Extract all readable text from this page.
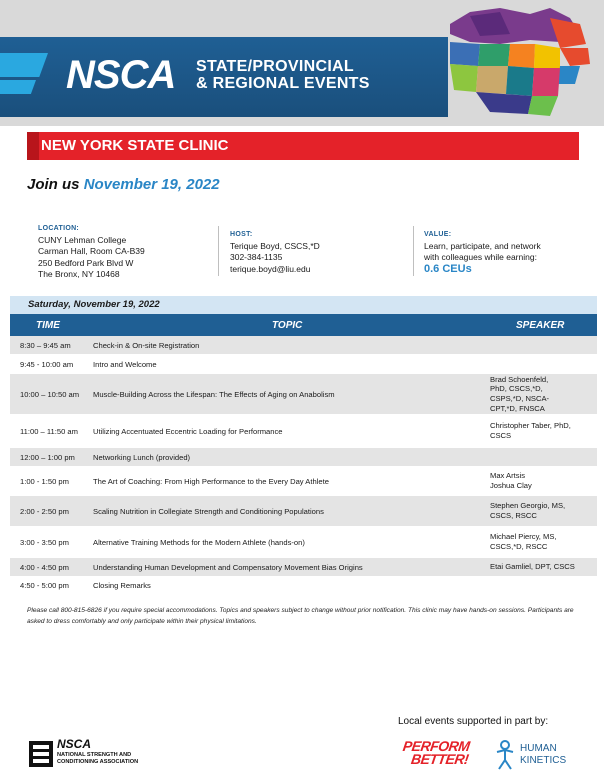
NSCA STATE/PROVINCIAL
& REGIONAL EVENTS
NEW YORK STATE CLINIC
Join us November 19, 2022
LOCATION:
CUNY Lehman College
Carman Hall, Room CA-B39
250 Bedford Park Blvd W
The Bronx, NY 10468
HOST:
Terique Boyd, CSCS,*D
302-384-1135
terique.boyd@liu.edu
VALUE:
Learn, participate, and network
with colleagues while earning:
0.6 CEUs
Saturday, November 19, 2022
TIME	TOPIC	SPEAKER
8:30 – 9:45 am	Check-in & On-site Registration	
9:45 - 10:00 am	Intro and Welcome	
10:00 – 10:50 am	Muscle-Building Across the Lifespan: The Effects of Aging on Anabolism	Brad Schoenfeld, PhD, CSCS,*D, CSPS,*D, NSCA-CPT,*D, FNSCA
11:00 – 11:50 am	Utilizing Accentuated Eccentric Loading for Performance	Christopher Taber, PhD, CSCS
12:00 – 1:00 pm	Networking Lunch (provided)	
1:00 - 1:50 pm	The Art of Coaching: From High Performance to the Every Day Athlete	Max Artsis Joshua Clay
2:00 - 2:50 pm	Scaling Nutrition in Collegiate Strength and Conditioning Populations	Stephen Georgio, MS, CSCS, RSCC
3:00 - 3:50 pm	Alternative Training Methods for the Modern Athlete (hands-on)	Michael Piercy, MS, CSCS,*D, RSCC
4:00 - 4:50 pm	Understanding Human Development and Compensatory Movement Bias Origins	Etai Gamliel, DPT, CSCS
4:50 - 5:00 pm	Closing Remarks	
Please call 800-815-6826 if you require special accommodations. Topics and speakers subject to change without prior notification. This clinic may have hands-on sessions. Participants are asked to dress comfortably and only participate within their physical limitations.
Local events supported in part by:
NSCA
NATIONAL STRENGTH AND
CONDITIONING ASSOCIATION
PERFORM
BETTER!
HUMAN
KINETICS
